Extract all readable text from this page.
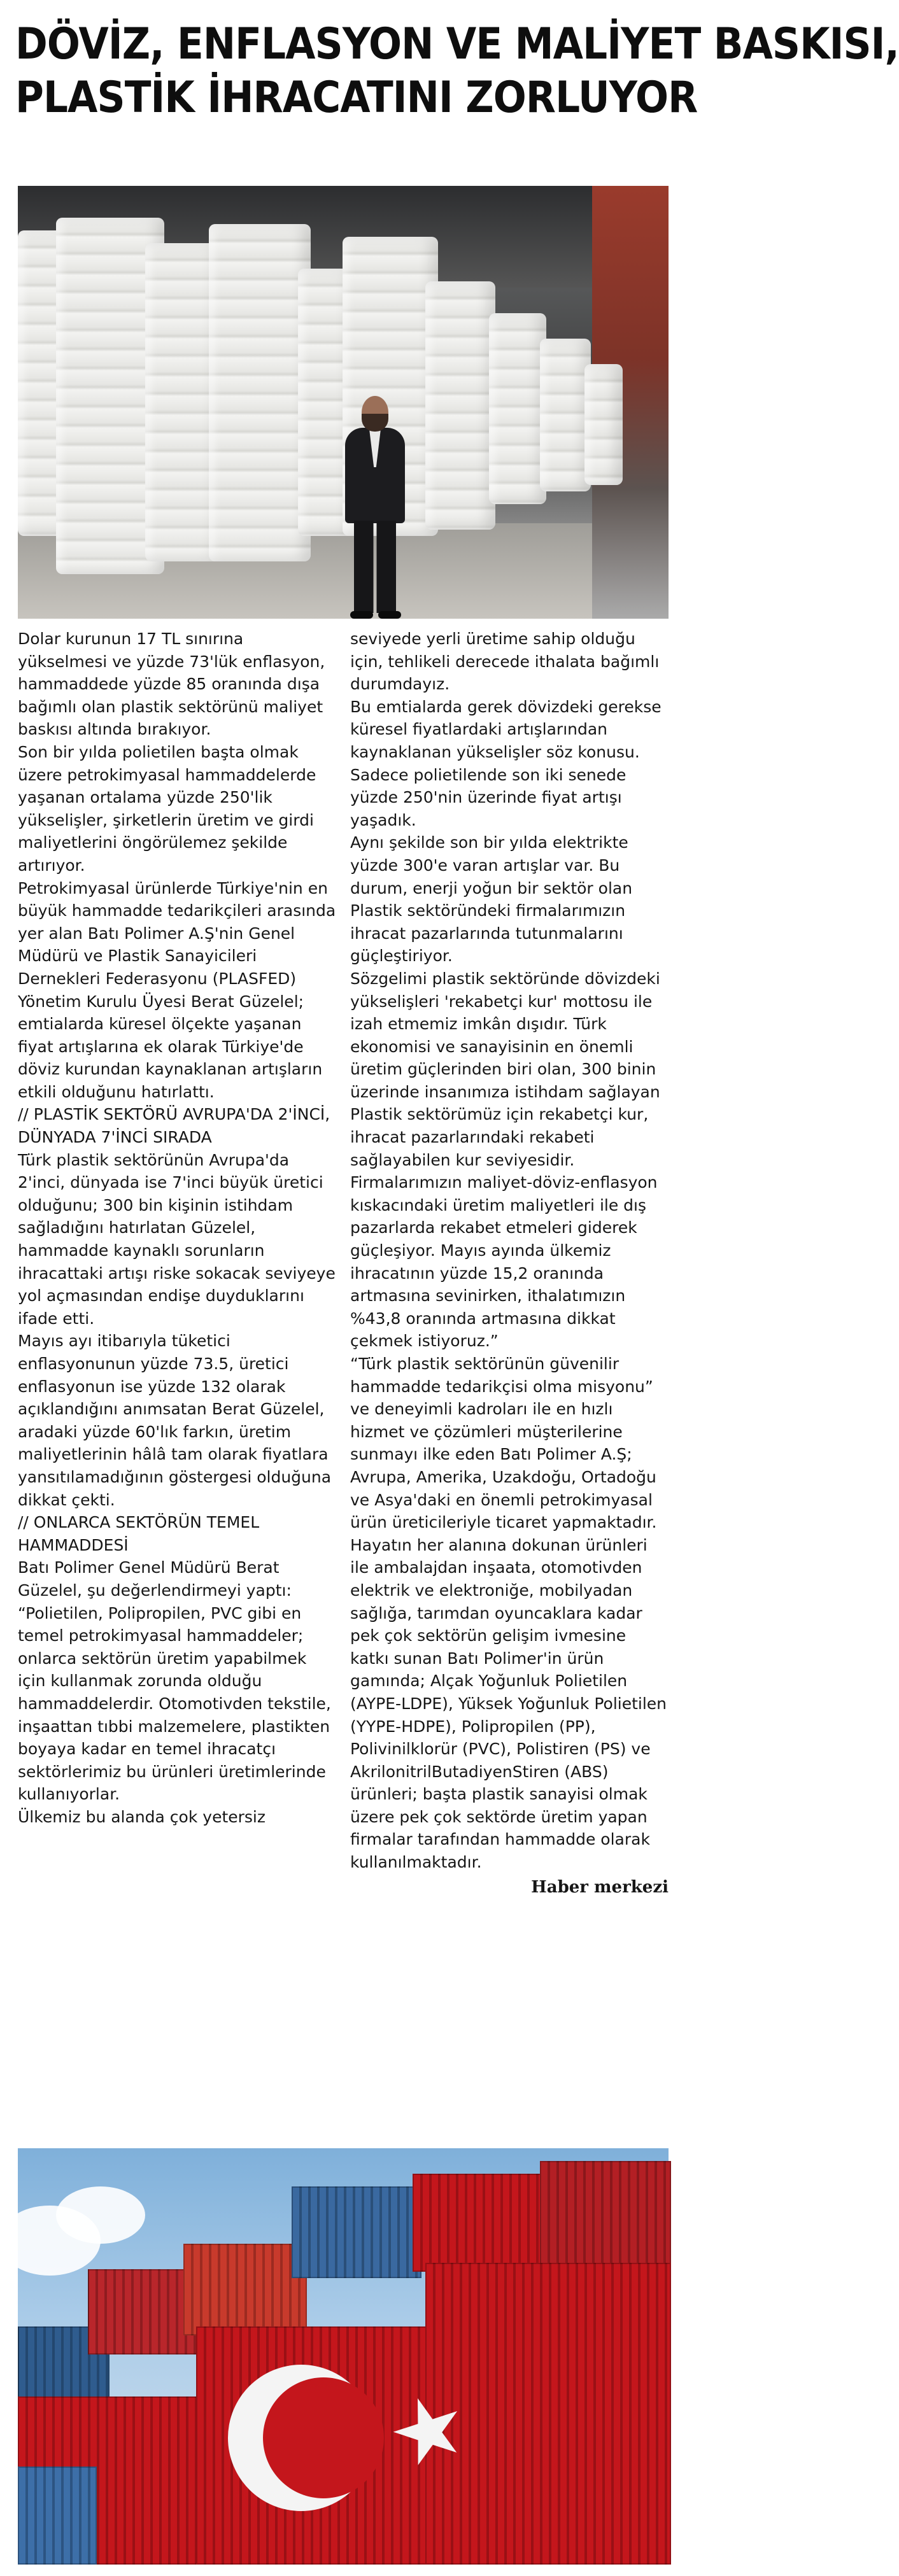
DÖVİZ, ENFLASYON VE MALİYET BASKISI,
PLASTİK İHRACATINI ZORLUYOR

Dolar kurunun 17 TL sınırına yükselmesi ve yüzde 73'lük enflasyon, hammaddede yüzde 85 oranında dışa bağımlı olan plastik sektörünü maliyet baskısı altında bırakıyor.

Son bir yılda polietilen başta olmak üzere petrokimyasal hammaddelerde yaşanan ortalama yüzde 250'lik yükselişler, şirketlerin üretim ve girdi maliyetlerini öngörülemez şekilde artırıyor.

Petrokimyasal ürünlerde Türkiye'nin en büyük hammadde tedarikçileri arasında yer alan Batı Polimer A.Ş'nin Genel Müdürü ve Plastik Sanayicileri Dernekleri Federasyonu (PLASFED) Yönetim Kurulu Üyesi Berat Güzelel; emtialarda küresel ölçekte yaşanan fiyat artışlarına ek olarak Türkiye'de döviz kurundan kaynaklanan artışların etkili olduğunu hatırlattı.

// PLASTİK SEKTÖRÜ AVRUPA'DA 2'İNCİ, DÜNYADA 7'İNCİ SIRADA

Türk plastik sektörünün Avrupa'da 2'inci, dünyada ise 7'inci büyük üretici olduğunu; 300 bin kişinin istihdam sağladığını hatırlatan Güzelel, hammadde kaynaklı sorunların ihracattaki artışı riske sokacak seviyeye yol açmasından endişe duyduklarını ifade etti.

Mayıs ayı itibarıyla tüketici enflasyonunun yüzde 73.5, üretici enflasyonun ise yüzde 132 olarak açıklandığını anımsatan Berat Güzelel, aradaki yüzde 60'lık farkın, üretim maliyetlerinin hâlâ tam olarak fiyatlara yansıtılamadığının göstergesi olduğuna dikkat çekti.

// ONLARCA SEKTÖRÜN TEMEL HAMMADDESİ

Batı Polimer Genel Müdürü Berat Güzelel, şu değerlendirmeyi yaptı:

“Polietilen, Polipropilen, PVC gibi en temel petrokimyasal hammaddeler; onlarca sektörün üretim yapabilmek için kullanmak zorunda olduğu hammaddelerdir. Otomotivden tekstile, inşaattan tıbbi malzemelere, plastikten boyaya kadar en temel ihracatçı sektörlerimiz bu ürünleri üretimlerinde kullanıyorlar.

Ülkemiz bu alanda çok yetersiz

seviyede yerli üretime sahip olduğu için, tehlikeli derecede ithalata bağımlı durumdayız.

Bu emtialarda gerek dövizdeki gerekse küresel fiyatlardaki artışlarından kaynaklanan yükselişler söz konusu. Sadece polietilende son iki senede yüzde 250'nin üzerinde fiyat artışı yaşadık.

Aynı şekilde son bir yılda elektrikte yüzde 300'e varan artışlar var. Bu durum, enerji yoğun bir sektör olan Plastik sektöründeki firmalarımızın ihracat pazarlarında tutunmalarını güçleştiriyor.

Sözgelimi plastik sektöründe dövizdeki yükselişleri 'rekabetçi kur' mottosu ile izah etmemiz imkân dışıdır. Türk ekonomisi ve sanayisinin en önemli üretim güçlerinden biri olan, 300 binin üzerinde insanımıza istihdam sağlayan Plastik sektörümüz için rekabetçi kur, ihracat pazarlarındaki rekabeti sağlayabilen kur seviyesidir. Firmalarımızın maliyet-döviz-enflasyon kıskacındaki üretim maliyetleri ile dış pazarlarda rekabet etmeleri giderek güçleşiyor. Mayıs ayında ülkemiz ihracatının yüzde 15,2 oranında artmasına sevinirken, ithalatımızın %43,8 oranında artmasına dikkat çekmek istiyoruz.”

“Türk plastik sektörünün güvenilir hammadde tedarikçisi olma misyonu” ve deneyimli kadroları ile en hızlı hizmet ve çözümleri müşterilerine sunmayı ilke eden Batı Polimer A.Ş; Avrupa, Amerika, Uzakdoğu, Ortadoğu ve Asya'daki en önemli petrokimyasal ürün üreticileriyle ticaret yapmaktadır. Hayatın her alanına dokunan ürünleri ile ambalajdan inşaata, otomotivden elektrik ve elektroniğe, mobilyadan sağlığa, tarımdan oyuncaklara kadar pek çok sektörün gelişim ivmesine katkı sunan Batı Polimer'in ürün gamında; Alçak Yoğunluk Polietilen (AYPE-LDPE), Yüksek Yoğunluk Polietilen (YYPE-HDPE), Polipropilen (PP), Polivinilklorür (PVC), Polistiren (PS) ve AkrilonitrilButadiyenStiren (ABS) ürünleri; başta plastik sanayisi olmak üzere pek çok sektörde üretim yapan firmalar tarafından hammadde olarak kullanılmaktadır.

Haber merkezi
